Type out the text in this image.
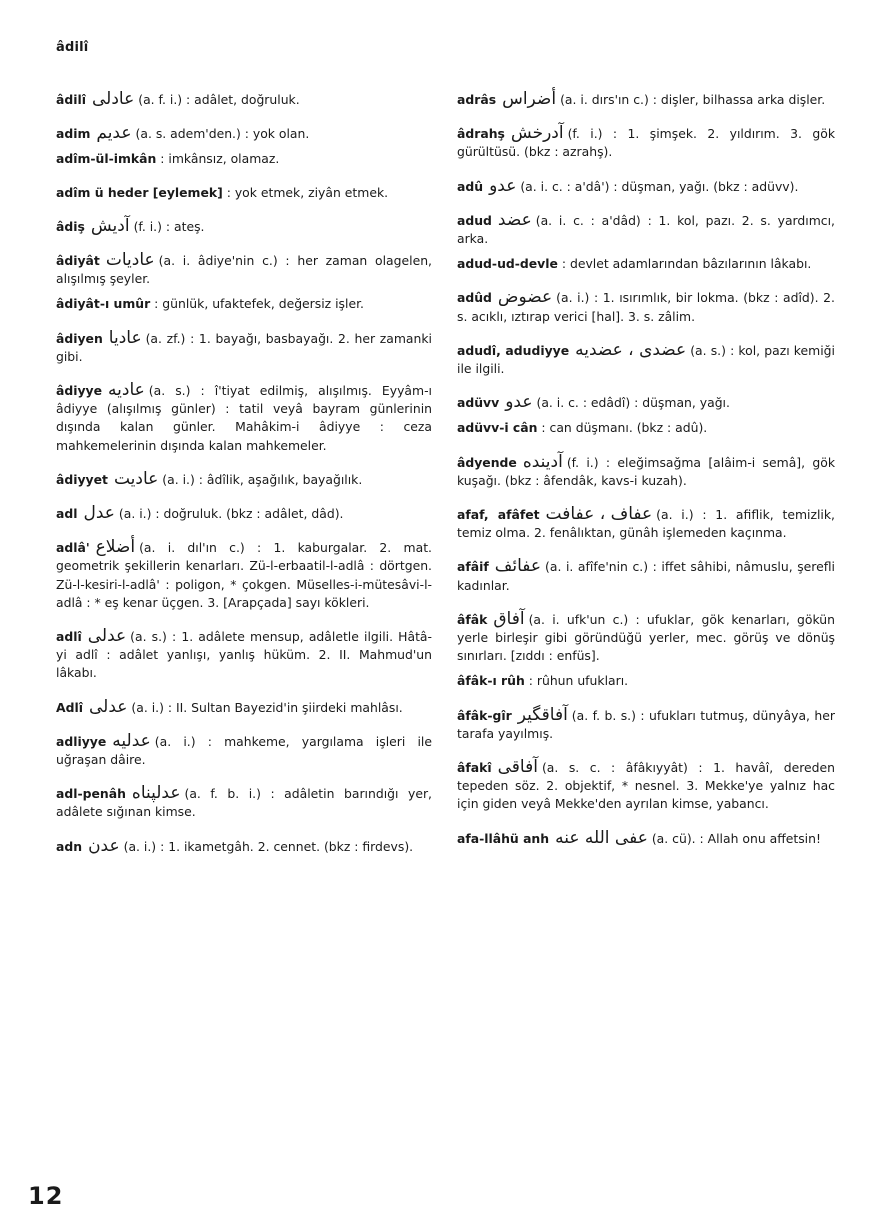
âdilî
âdilî عادلى (a. f. i.) : adâlet, doğruluk.
adim عديم (a. s. adem'den.) : yok olan.
adîm-ül-imkân : imkânsız, olamaz.
adîm ü heder [eylemek] : yok etmek, ziyân etmek.
âdiş آديش (f. i.) : ateş.
âdiyât عاديات (a. i. âdiye'nin c.) : her zaman olagelen, alışılmış şeyler.
âdiyât-ı umûr : günlük, ufaktefek, değersiz işler.
âdiyen عاديا (a. zf.) : 1. bayağı, basbayağı. 2. her zamanki gibi.
âdiyye عاديه (a. s.) : î'tiyat edilmiş, alışılmış. Eyyâm-ı âdiyye (alışılmış günler) : tatil veyâ bayram günlerinin dışında kalan günler. Mahâkim-i âdiyye : ceza mahkemelerinin dışında kalan mahkemeler.
âdiyyet عاديت (a. i.) : âdîlik, aşağılık, bayağılık.
adl عدل (a. i.) : doğruluk. (bkz : adâlet, dâd).
adlâ' أضلاع (a. i. dıl'ın c.) : 1. kaburgalar. 2. mat. geometrik şekillerin kenarları. Zü-l-erbaatil-l-adlâ : dörtgen. Zü-l-kesiri-l-adlâ' : poligon, * çokgen. Müselles-i-mütesâvi-l-adlâ : * eş kenar üçgen. 3. [Arapçada] sayı kökleri.
adlî عدلى (a. s.) : 1. adâlete mensup, adâletle ilgili. Hâtâ-yi adlî : adâlet yanlışı, yanlış hüküm. 2. II. Mahmud'un lâkabı.
Adlî عدلى (a. i.) : II. Sultan Bayezid'in şiirdeki mahlâsı.
adliyye عدليه (a. i.) : mahkeme, yargılama işleri ile uğraşan dâire.
adl-penâh عدلپناه (a. f. b. i.) : adâletin barındığı yer, adâlete sığınan kimse.
adn عدن (a. i.) : 1. ikametgâh. 2. cennet. (bkz : firdevs).
adrâs أضراس (a. i. dırs'ın c.) : dişler, bilhassa arka dişler.
âdrahş آدرخش (f. i.) : 1. şimşek. 2. yıldırım. 3. gök gürültüsü. (bkz : azrahş).
adû عدو (a. i. c. : a'dâ') : düşman, yağı. (bkz : adüvv).
adud عضد (a. i. c. : a'dâd) : 1. kol, pazı. 2. s. yardımcı, arka.
adud-ud-devle : devlet adamlarından bâzılarının lâkabı.
adûd عضوض (a. i.) : 1. ısırımlık, bir lokma. (bkz : adîd). 2. s. acıklı, ıztırap verici [hal]. 3. s. zâlim.
adudî, adudiyye عضدى ، عضديه (a. s.) : kol, pazı kemiği ile ilgili.
adüvv عدو (a. i. c. : edâdî) : düşman, yağı.
adüvv-i cân : can düşmanı. (bkz : adû).
âdyende آدينده (f. i.) : eleğimsağma [alâim-i semâ], gök kuşağı. (bkz : âfendâk, kavs-i kuzah).
afaf, afâfet عفاف ، عفافت (a. i.) : 1. afiflik, temizlik, temiz olma. 2. fenâlıktan, günâh işlemeden kaçınma.
afâif عفائف (a. i. afîfe'nin c.) : iffet sâhibi, nâmuslu, şerefli kadınlar.
âfâk آفاق (a. i. ufk'un c.) : ufuklar, gök kenarları, gökün yerle birleşir gibi göründüğü yerler, mec. görüş ve dönüş sınırları. [zıddı : enfüs].
âfâk-ı rûh : rûhun ufukları.
âfâk-gîr آفاقگير (a. f. b. s.) : ufukları tutmuş, dünyâya, her tarafa yayılmış.
âfakî آفاقى (a. s. c. : âfâkıyyât) : 1. havâî, dereden tepeden söz. 2. objektif, * nesnel. 3. Mekke'ye yalnız hac için giden veyâ Mekke'den ayrılan kimse, yabancı.
afa-llâhü anh عفى الله عنه (a. cü). : Allah onu affetsin!
12
